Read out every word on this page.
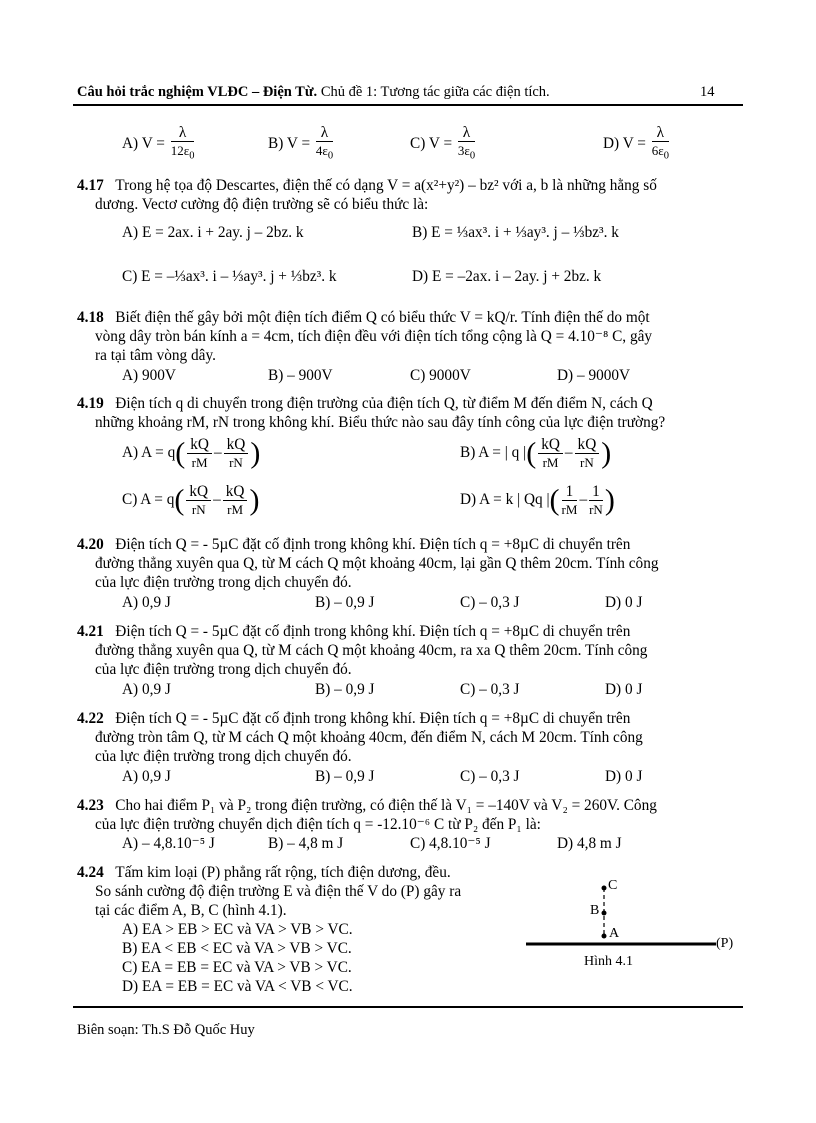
Câu hỏi trắc nghiệm VLĐC – Điện Từ. Chủ đề 1: Tương tác giữa các điện tích.	14
A) $V = \frac{\lambda}{12\varepsilon_0}$	B) $V = \frac{\lambda}{4\varepsilon_0}$	C) $V = \frac{\lambda}{3\varepsilon_0}$	D) $V = \frac{\lambda}{6\varepsilon_0}$
4.17 Trong hệ tọa độ Descartes, điện thế có dạng V = a(x²+y²) – bz² với a, b là những hằng số
dương. Vectơ cường độ điện trường sẽ có biểu thức là:
A) E = 2ax. i + 2ay. j – 2bz. k	B) E = ⅓ax³. i + ⅓ay³. j – ⅓bz³. k
C) E = –⅓ax³. i – ⅓ay³. j + ⅓bz³. k	D) E = –2ax. i – 2ay. j + 2bz. k
4.18 Biết điện thế gây bởi một điện tích điểm Q có biểu thức V = kQ/r. Tính điện thế do một
vòng dây tròn bán kính a = 4cm, tích điện đều với điện tích tổng cộng là Q = 4.10⁻⁸ C, gây
ra tại tâm vòng dây.
A) 900V	B) – 900V	C) 9000V	D) – 9000V
4.19 Điện tích q di chuyển trong điện trường của điện tích Q, từ điểm M đến điểm N, cách Q
những khoảng rM, rN trong không khí. Biểu thức nào sau đây tính công của lực điện trường?
A) $A = q( \frac{kQ}{rM} - \frac{kQ}{rN}$ )	B) A = | q |( $\frac{kQ}{rM} - \frac{kQ}{rN}$ )
C) $A = q( \frac{kQ}{rN} - \frac{kQ}{rM}$ )	D) A = k | Qq |( $\frac{1}{rM} - \frac{1}{rN}$ )
4.20 Điện tích Q = - 5µC đặt cố định trong không khí. Điện tích q = +8µC di chuyển trên
đường thẳng xuyên qua Q, từ M cách Q một khoảng 40cm, lại gần Q thêm 20cm. Tính công
của lực điện trường trong dịch chuyển đó.
A) 0,9 J	B) – 0,9 J	C) – 0,3 J	D) 0 J
4.21 Điện tích Q = - 5µC đặt cố định trong không khí. Điện tích q = +8µC di chuyển trên
đường thẳng xuyên qua Q, từ M cách Q một khoảng 40cm, ra xa Q thêm 20cm. Tính công
của lực điện trường trong dịch chuyển đó.
A) 0,9 J	B) – 0,9 J	C) – 0,3 J	D) 0 J
4.22 Điện tích Q = - 5µC đặt cố định trong không khí. Điện tích q = +8µC di chuyển trên
đường tròn tâm Q, từ M cách Q một khoảng 40cm, đến điểm N, cách M 20cm. Tính công
của lực điện trường trong dịch chuyển đó.
A) 0,9 J	B) – 0,9 J	C) – 0,3 J	D) 0 J
4.23 Cho hai điểm P₁ và P₂ trong điện trường, có điện thế là V₁ = –140V và V₂ = 260V. Công
của lực điện trường chuyển dịch điện tích q = -12.10⁻⁶ C từ P₂ đến P₁ là:
A) – 4,8.10⁻⁵ J	B) – 4,8 m J	C) 4,8.10⁻⁵ J	D) 4,8 m J
4.24 Tấm kim loại (P) phẳng rất rộng, tích điện dương, đều.
So sánh cường độ điện trường E và điện thế V do (P) gây ra
tại các điểm A, B, C (hình 4.1).
A) EA > EB > EC và VA > VB > VC.
B) EA < EB < EC và VA > VB > VC.
C) EA = EB = EC và VA > VB > VC.
D) EA = EB = EC và VA < VB < VC.
C
B
A
(P)
Hình 4.1
Biên soạn: Th.S Đỗ Quốc Huy
